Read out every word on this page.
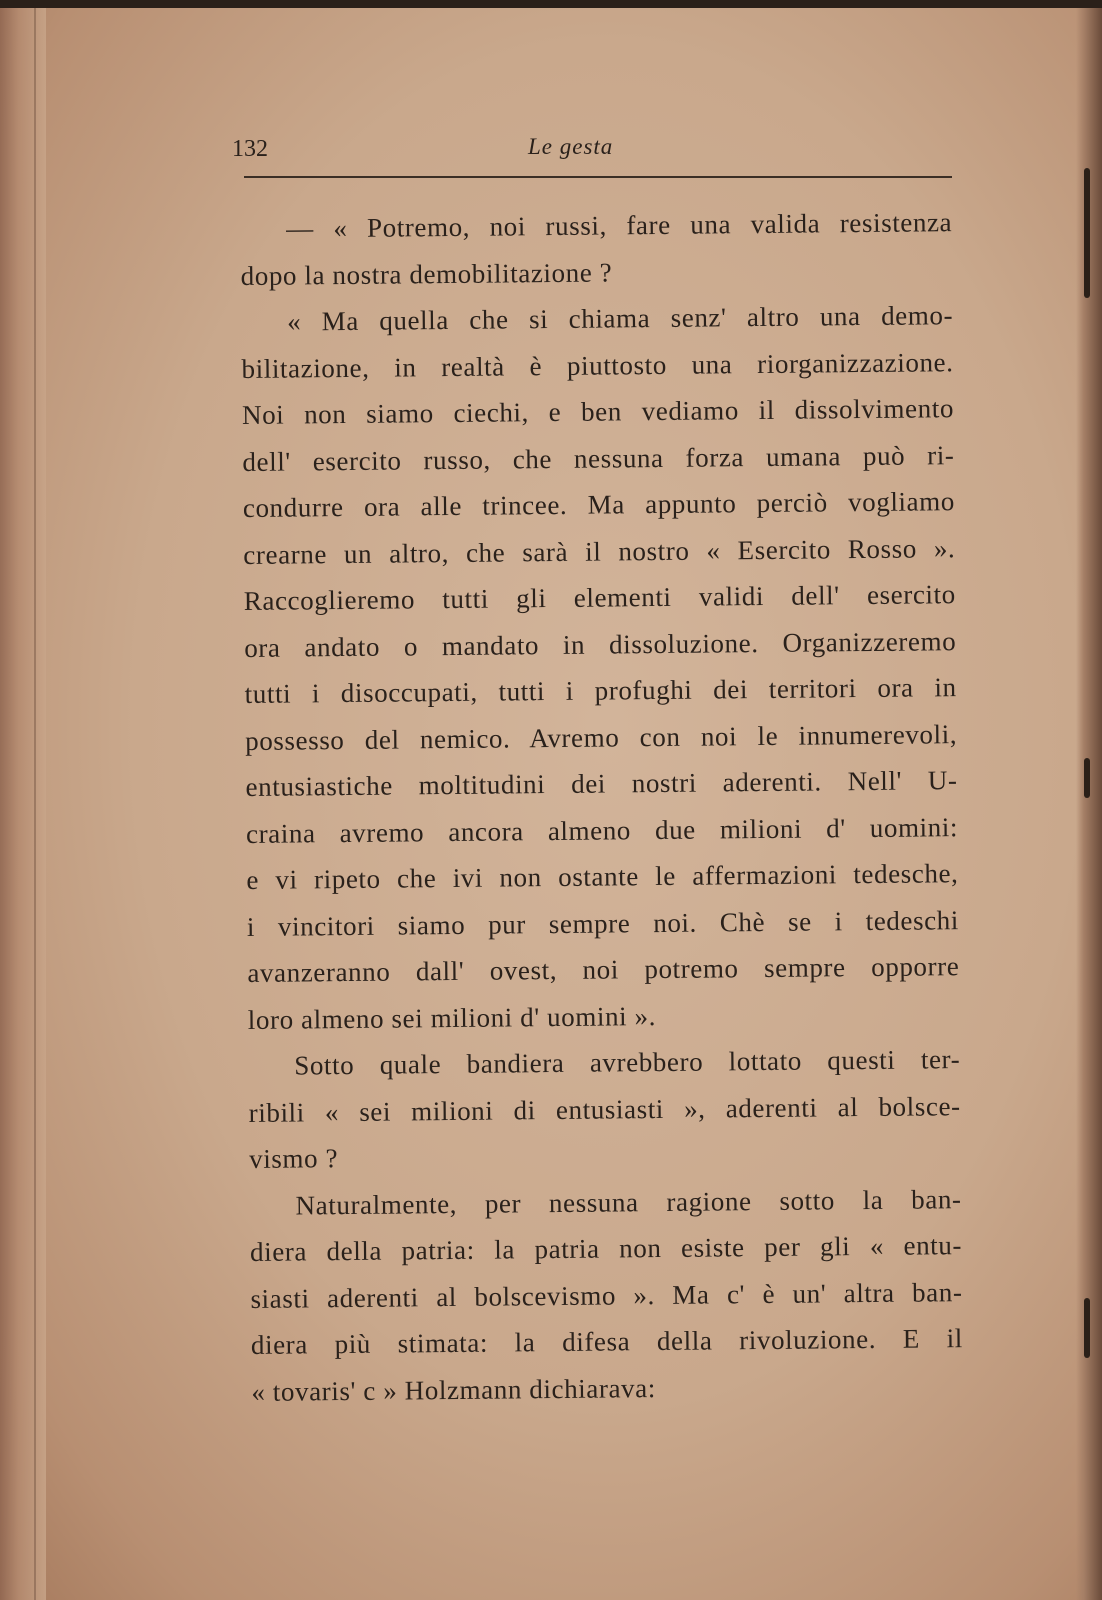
132	Le gesta
— « Potremo, noi russi, fare una valida resistenza
dopo la nostra demobilitazione ?
« Ma quella che si chiama senz' altro una demo-
bilitazione, in realtà è piuttosto una riorganizzazione.
Noi non siamo ciechi, e ben vediamo il dissolvimento
dell' esercito russo, che nessuna forza umana può ri-
condurre ora alle trincee. Ma appunto perciò vogliamo
crearne un altro, che sarà il nostro « Esercito Rosso ».
Raccoglieremo tutti gli elementi validi dell' esercito
ora andato o mandato in dissoluzione. Organizzeremo
tutti i disoccupati, tutti i profughi dei territori ora in
possesso del nemico. Avremo con noi le innumerevoli,
entusiastiche moltitudini dei nostri aderenti. Nell' U-
craina avremo ancora almeno due milioni d' uomini:
e vi ripeto che ivi non ostante le affermazioni tedesche,
i vincitori siamo pur sempre noi. Chè se i tedeschi
avanzeranno dall' ovest, noi potremo sempre opporre
loro almeno sei milioni d' uomini ».
Sotto quale bandiera avrebbero lottato questi ter-
ribili « sei milioni di entusiasti », aderenti al bolsce-
vismo ?
Naturalmente, per nessuna ragione sotto la ban-
diera della patria: la patria non esiste per gli « entu-
siasti aderenti al bolscevismo ». Ma c' è un' altra ban-
diera più stimata: la difesa della rivoluzione. E il
« tovaris' c » Holzmann dichiarava:
